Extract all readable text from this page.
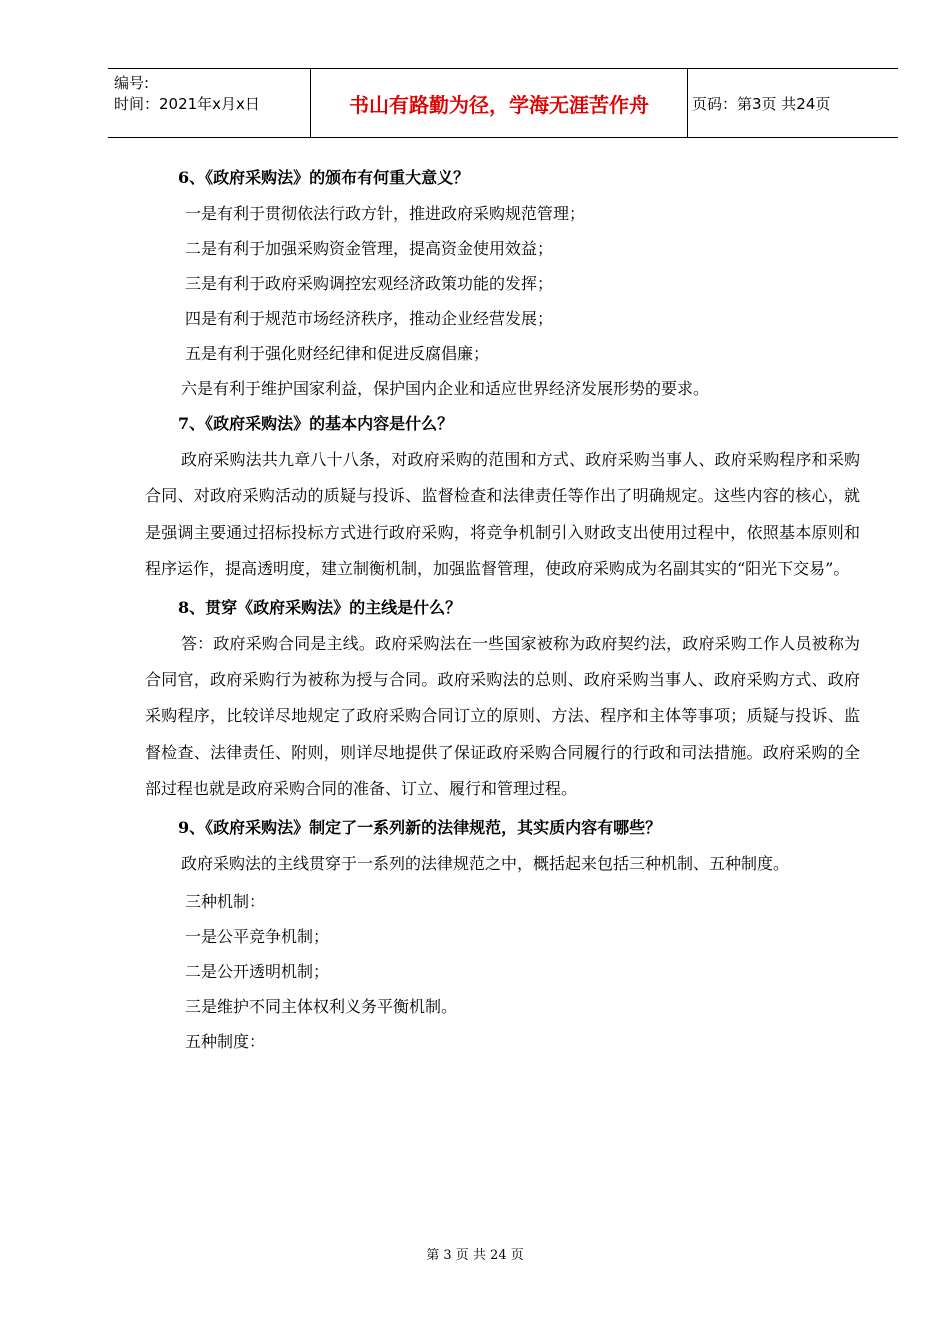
编号:
时间：2021年x月x日	书山有路勤为径，学海无涯苦作舟	页码：第3页 共24页

6、《政府采购法》的颁布有何重大意义？

一是有利于贯彻依法行政方针，推进政府采购规范管理；

二是有利于加强采购资金管理，提高资金使用效益；

三是有利于政府采购调控宏观经济政策功能的发挥；

四是有利于规范市场经济秩序，推动企业经营发展；

五是有利于强化财经纪律和促进反腐倡廉；

六是有利于维护国家利益，保护国内企业和适应世界经济发展形势的要求。

7、《政府采购法》的基本内容是什么？

政府采购法共九章八十八条，对政府采购的范围和方式、政府采购当事人、政府采购程序和采购合同、对政府采购活动的质疑与投诉、监督检查和法律责任等作出了明确规定。这些内容的核心，就是强调主要通过招标投标方式进行政府采购，将竞争机制引入财政支出使用过程中，依照基本原则和程序运作，提高透明度，建立制衡机制，加强监督管理，使政府采购成为名副其实的“阳光下交易”。

8、贯穿《政府采购法》的主线是什么？

答：政府采购合同是主线。政府采购法在一些国家被称为政府契约法，政府采购工作人员被称为合同官，政府采购行为被称为授与合同。政府采购法的总则、政府采购当事人、政府采购方式、政府采购程序，比较详尽地规定了政府采购合同订立的原则、方法、程序和主体等事项；质疑与投诉、监督检查、法律责任、附则，则详尽地提供了保证政府采购合同履行的行政和司法措施。政府采购的全部过程也就是政府采购合同的准备、订立、履行和管理过程。

9、《政府采购法》制定了一系列新的法律规范，其实质内容有哪些？

政府采购法的主线贯穿于一系列的法律规范之中，概括起来包括三种机制、五种制度。

三种机制：

一是公平竞争机制；

二是公开透明机制；

三是维护不同主体权利义务平衡机制。

五种制度：

第 3 页 共 24 页
